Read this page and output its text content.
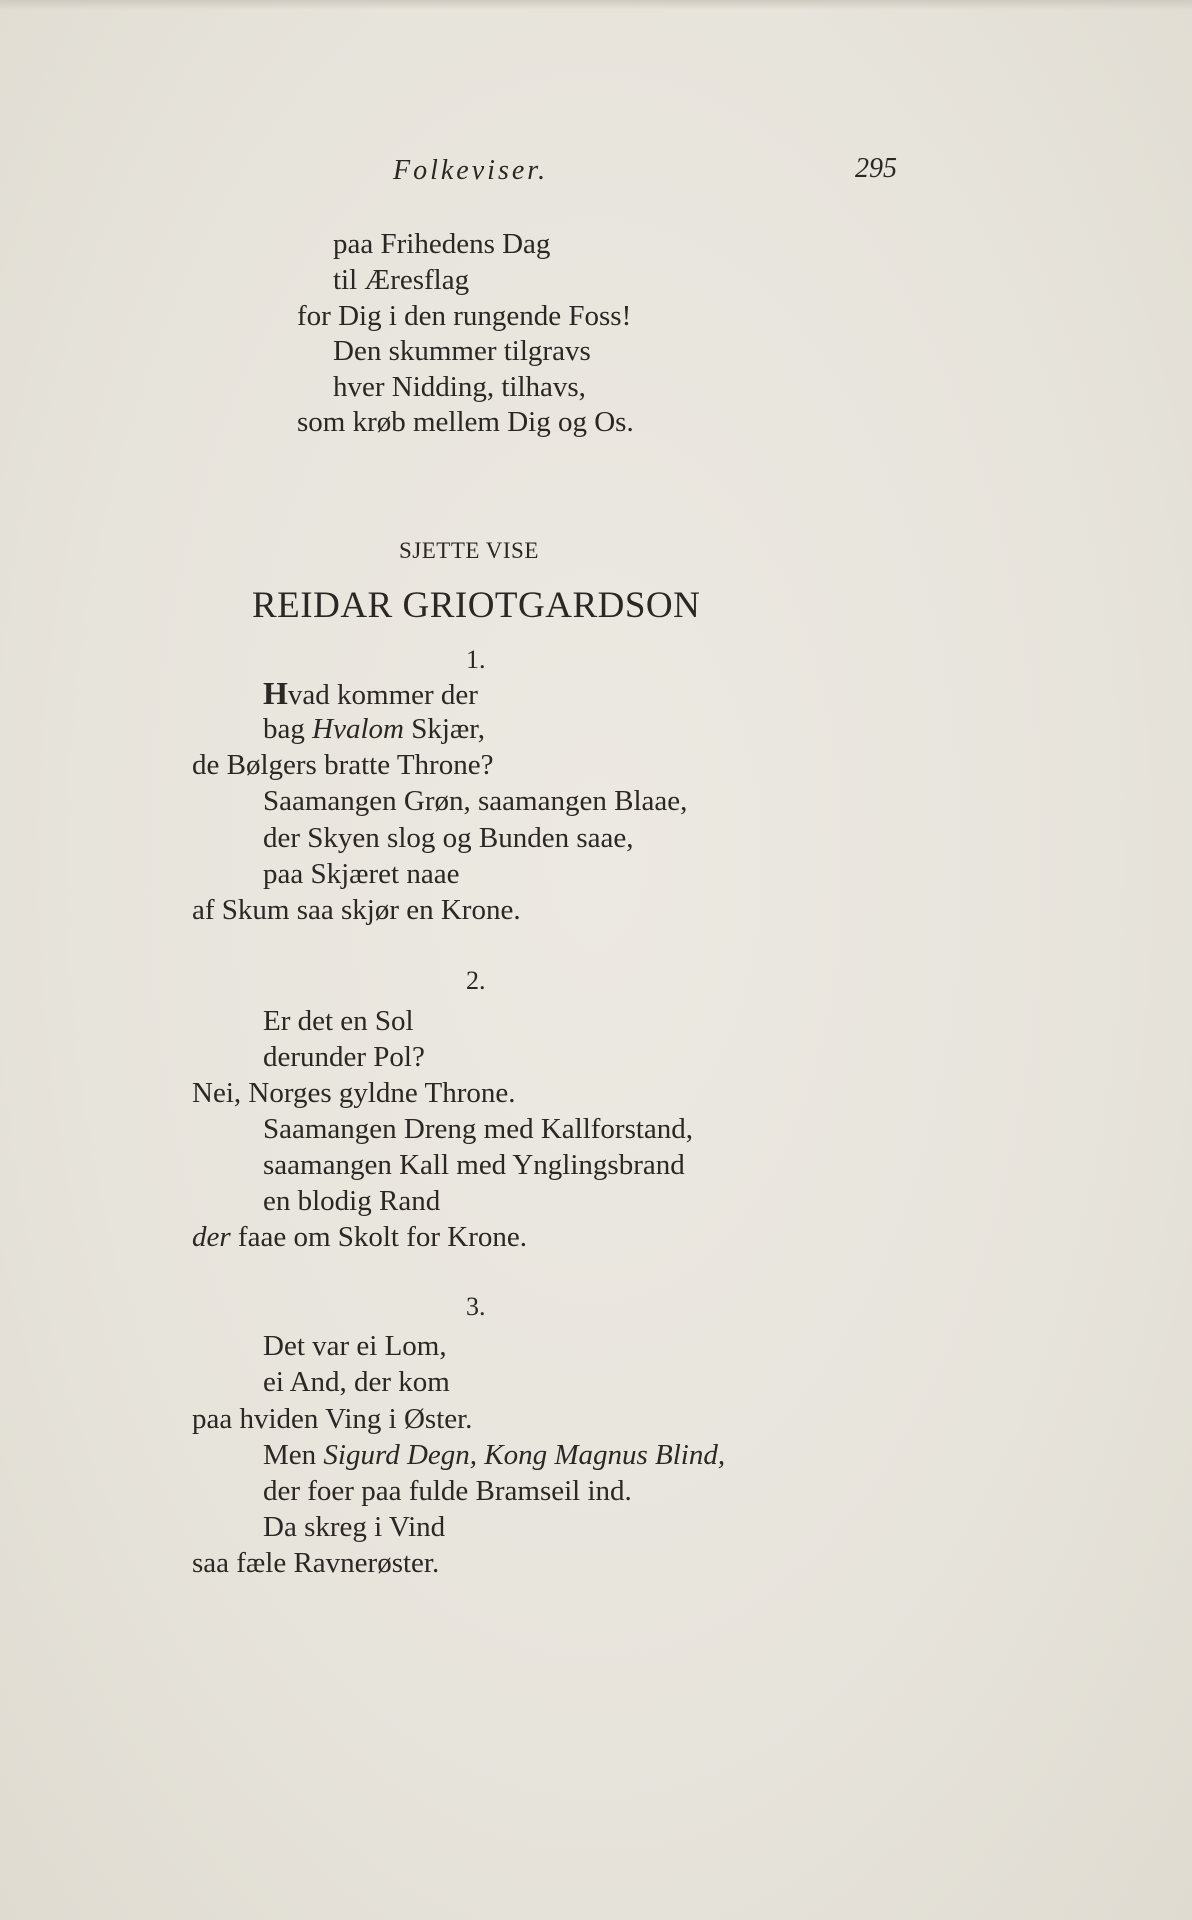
Folkeviser.	295
paa Frihedens Dag
til Æresflag
for Dig i den rungende Foss!
Den skummer tilgravs
hver Nidding, tilhavs,
som krøb mellem Dig og Os.
SJETTE VISE
REIDAR GRIOTGARDSON
1.
Hvad kommer der
bag Hvalom Skjær,
de Bølgers bratte Throne?
Saamangen Grøn, saamangen Blaae,
der Skyen slog og Bunden saae,
paa Skjæret naae
af Skum saa skjør en Krone.
2.
Er det en Sol
derunder Pol?
Nei, Norges gyldne Throne.
Saamangen Dreng med Kallforstand,
saamangen Kall med Ynglingsbrand
en blodig Rand
der faae om Skolt for Krone.
3.
Det var ei Lom,
ei And, der kom
paa hviden Ving i Øster.
Men Sigurd Degn, Kong Magnus Blind,
der foer paa fulde Bramseil ind.
Da skreg i Vind
saa fæle Ravnerøster.
